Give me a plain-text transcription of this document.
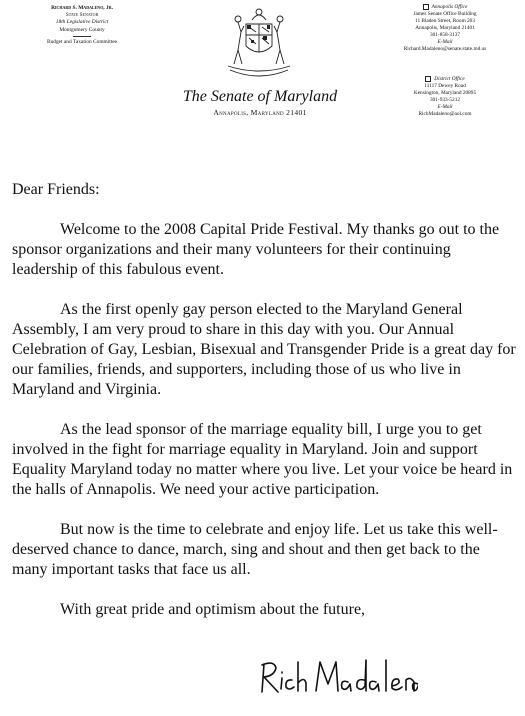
Richard S. Madaleno, Jr.
State Senator
18th Legislative District
Montgomery County
Budget and Taxation Committee
The Senate of Maryland
Annapolis, Maryland 21401
Annapolis Office
James Senate Office Building
11 Bladen Street, Room 203
Annapolis, Maryland 21401
301-858-3137
E-Mail
Richard.Madaleno@senate.state.md.us
District Office
11117 Dewey Road
Kensington, Maryland 20895
301-933-5212
E-Mail
RichMadaleno@aol.com

Dear Friends:

Welcome to the 2008 Capital Pride Festival. My thanks go out to the sponsor organizations and their many volunteers for their continuing leadership of this fabulous event.

As the first openly gay person elected to the Maryland General Assembly, I am very proud to share in this day with you. Our Annual Celebration of Gay, Lesbian, Bisexual and Transgender Pride is a great day for our families, friends, and supporters, including those of us who live in Maryland and Virginia.

As the lead sponsor of the marriage equality bill, I urge you to get involved in the fight for marriage equality in Maryland. Join and support Equality Maryland today no matter where you live. Let your voice be heard in the halls of Annapolis. We need your active participation.

But now is the time to celebrate and enjoy life. Let us take this well-deserved chance to dance, march, sing and shout and then get back to the many important tasks that face us all.

With great pride and optimism about the future,
